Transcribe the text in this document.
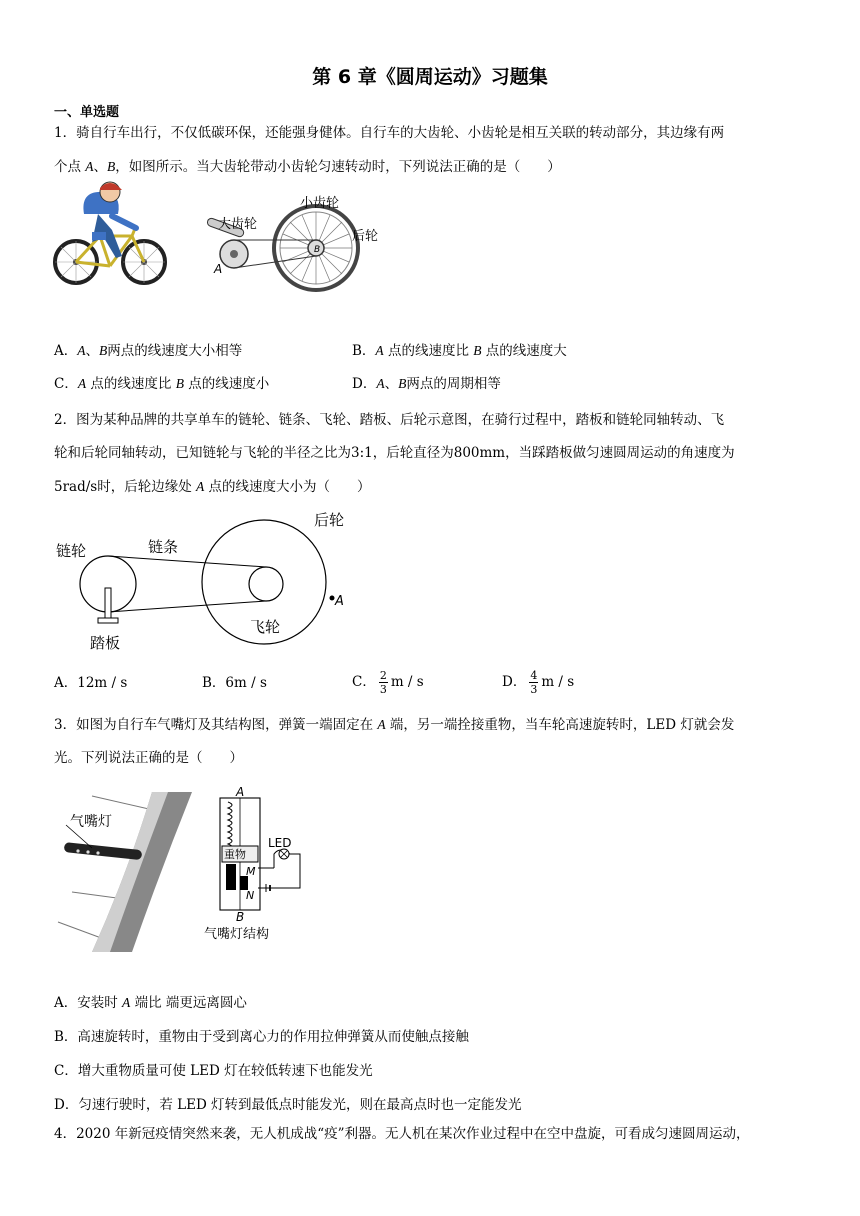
第 6 章《圆周运动》习题集
一、单选题
1．骑自行车出行，不仅低碳环保，还能强身健体。自行车的大齿轮、小齿轮是相互关联的转动部分，其边缘有两
个点 A、B，如图所示。当大齿轮带动小齿轮匀速转动时，下列说法正确的是（　　）
大齿轮
小齿轮
后轮
A
B
A．A、B两点的线速度大小相等	B．A 点的线速度比 B 点的线速度大
C．A 点的线速度比 B 点的线速度小	D．A、B两点的周期相等
2．图为某种品牌的共享单车的链轮、链条、飞轮、踏板、后轮示意图，在骑行过程中，踏板和链轮同轴转动、飞
轮和后轮同轴转动，已知链轮与飞轮的半径之比为3:1，后轮直径为800mm，当踩踏板做匀速圆周运动的角速度为
5rad/s时，后轮边缘处 A 点的线速度大小为（　　）
链轮	链条
后轮
飞轮
踏板
A
A．12m / s	B．6m / s	C． $\frac{2}{3}$ m / s	D． $\frac{4}{3}$ m / s
3．如图为自行车气嘴灯及其结构图，弹簧一端固定在 A 端，另一端拴接重物，当车轮高速旋转时，LED 灯就会发
光。下列说法正确的是（　　）
气嘴灯
A
B
重物
LED
M
N
气嘴灯结构
A．安装时 A 端比 端更远离圆心
B．高速旋转时，重物由于受到离心力的作用拉伸弹簧从而使触点接触
C．增大重物质量可使 LED 灯在较低转速下也能发光
D．匀速行驶时，若 LED 灯转到最低点时能发光，则在最高点时也一定能发光
4．2020 年新冠疫情突然来袭，无人机成战“疫”利器。无人机在某次作业过程中在空中盘旋，可看成匀速圆周运动，
